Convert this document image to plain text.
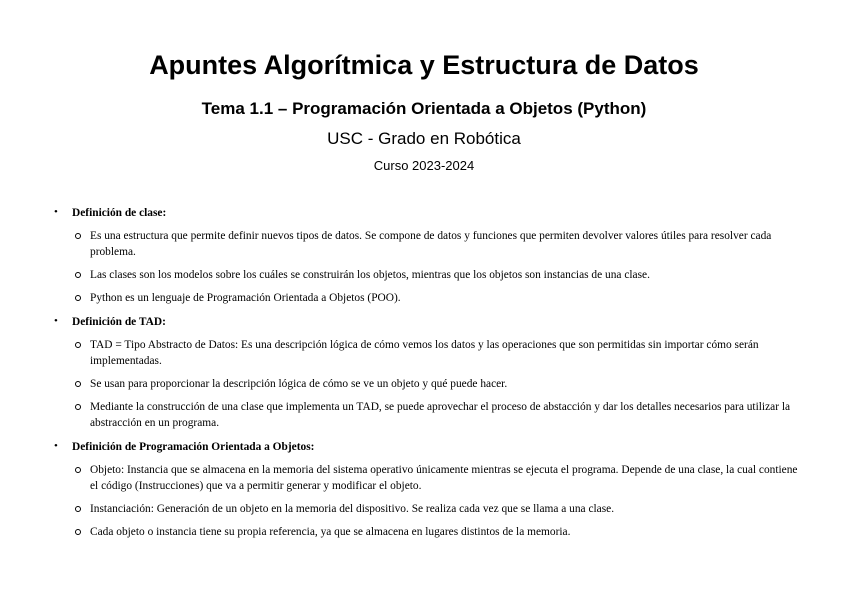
Apuntes Algorítmica y Estructura de Datos
Tema 1.1 – Programación Orientada a Objetos (Python)
USC - Grado en Robótica
Curso 2023-2024
• Definición de clase:
Es una estructura que permite definir nuevos tipos de datos. Se compone de datos y funciones que permiten devolver valores útiles para resolver cada problema.
Las clases son los modelos sobre los cuáles se construirán los objetos, mientras que los objetos son instancias de una clase.
Python es un lenguaje de Programación Orientada a Objetos (POO).
• Definición de TAD:
TAD = Tipo Abstracto de Datos: Es una descripción lógica de cómo vemos los datos y las operaciones que son permitidas sin importar cómo serán implementadas.
Se usan para proporcionar la descripción lógica de cómo se ve un objeto y qué puede hacer.
Mediante la construcción de una clase que implementa un TAD, se puede aprovechar el proceso de abstacción y dar los detalles necesarios para utilizar la abstracción en un programa.
• Definición de Programación Orientada a Objetos:
Objeto: Instancia que se almacena en la memoria del sistema operativo únicamente mientras se ejecuta el programa. Depende de una clase, la cual contiene el código (Instrucciones) que va a permitir generar y modificar el objeto.
Instanciación: Generación de un objeto en la memoria del dispositivo. Se realiza cada vez que se llama a una clase.
Cada objeto o instancia tiene su propia referencia, ya que se almacena en lugares distintos de la memoria.
